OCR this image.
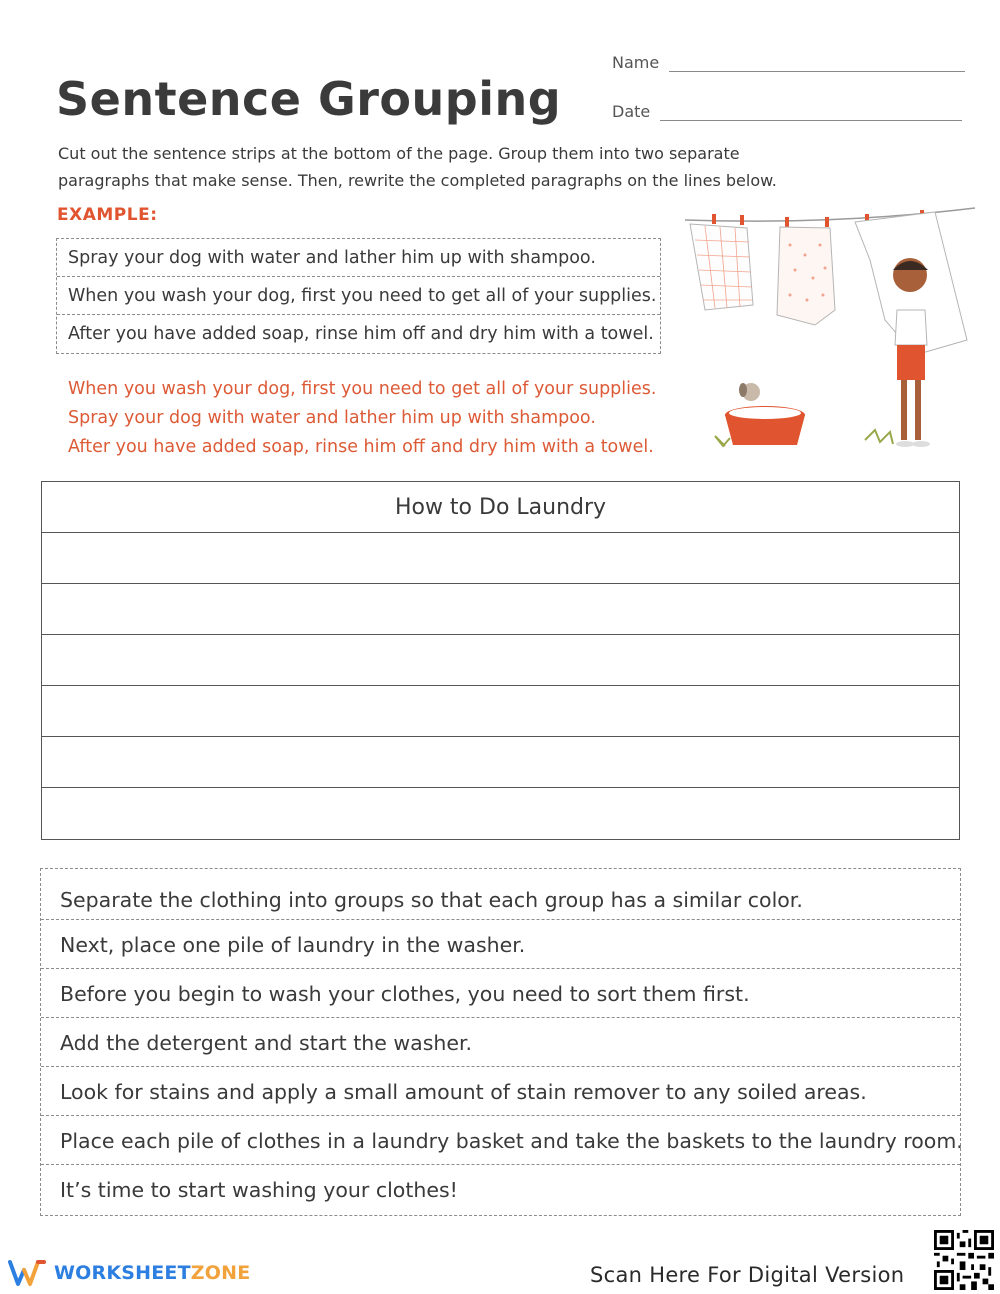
Sentence Grouping
Name
Date
Cut out the sentence strips at the bottom of the page. Group them into two separate paragraphs that make sense. Then, rewrite the completed paragraphs on the lines below.
EXAMPLE:
Spray your dog with water and lather him up with shampoo.
When you wash your dog, first you need to get all of your supplies.
After you have added soap, rinse him off and dry him with a towel.
When you wash your dog, first you need to get all of your supplies.
Spray your dog with water and lather him up with shampoo.
After you have added soap, rinse him off and dry him with a towel.
How to Do Laundry
Separate the clothing into groups so that each group has a similar color.
Next, place one pile of laundry in the washer.
Before you begin to wash your clothes, you need to sort them first.
Add the detergent and start the washer.
Look for stains and apply a small amount of stain remover to any soiled areas.
Place each pile of clothes in a laundry basket and take the baskets to the laundry room.
It’s time to start washing your clothes!
WORKSHEETZONE	Scan Here For Digital Version
